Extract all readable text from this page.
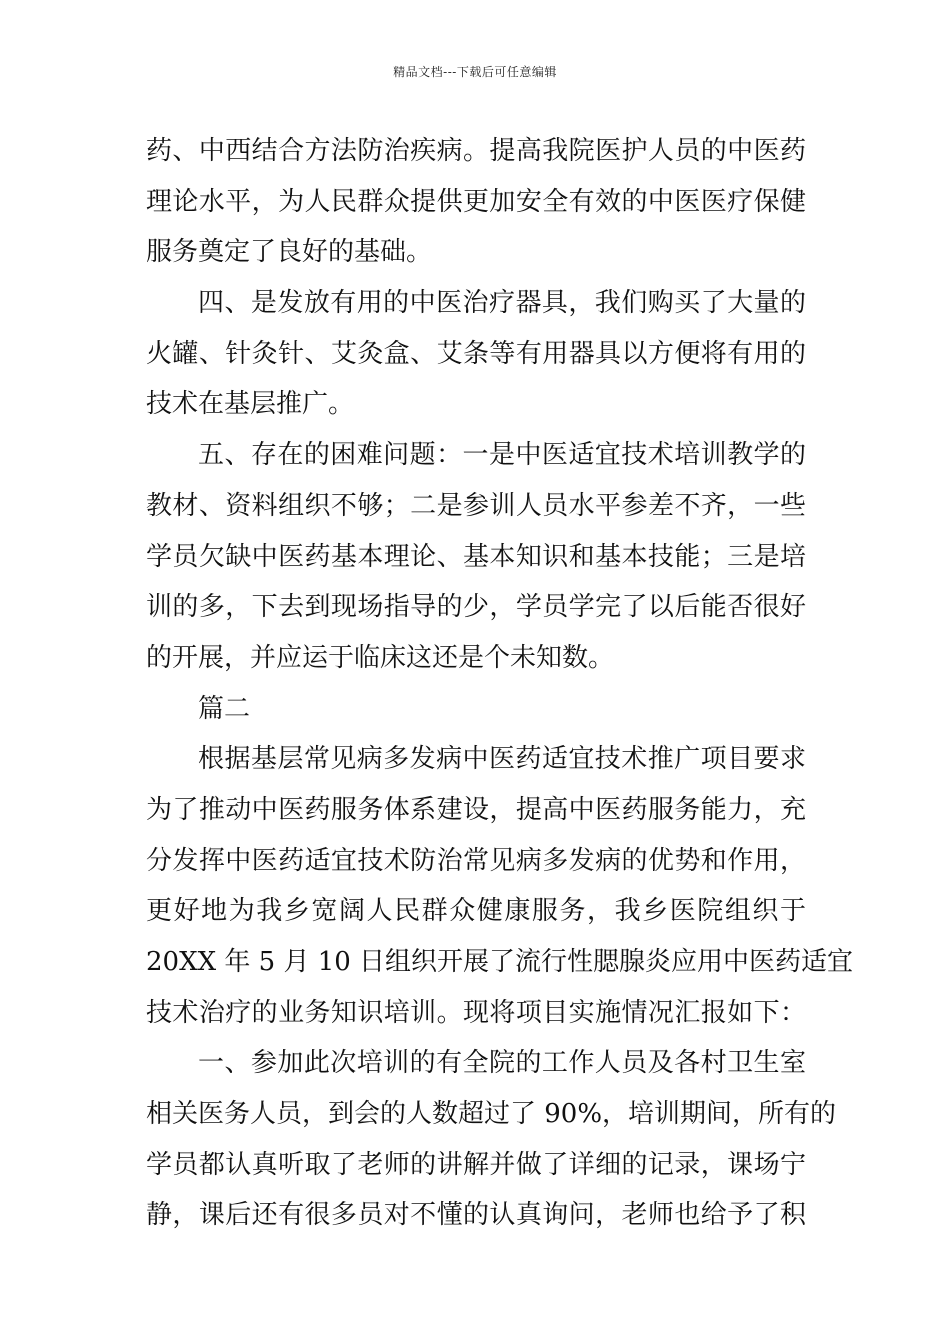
精品文档---下载后可任意编辑
药、中西结合方法防治疾病。提高我院医护人员的中医药
理论水平，为人民群众提供更加安全有效的中医医疗保健
服务奠定了良好的基础。
四、是发放有用的中医治疗器具，我们购买了大量的
火罐、针灸针、艾灸盒、艾条等有用器具以方便将有用的
技术在基层推广。
五、存在的困难问题：一是中医适宜技术培训教学的
教材、资料组织不够；二是参训人员水平参差不齐，一些
学员欠缺中医药基本理论、基本知识和基本技能；三是培
训的多，下去到现场指导的少，学员学完了以后能否很好
的开展，并应运于临床这还是个未知数。
篇二
根据基层常见病多发病中医药适宜技术推广项目要求
为了推动中医药服务体系建设，提高中医药服务能力，充
分发挥中医药适宜技术防治常见病多发病的优势和作用，
更好地为我乡宽阔人民群众健康服务，我乡医院组织于
20XX 年 5 月 10 日组织开展了流行性腮腺炎应用中医药适宜
技术治疗的业务知识培训。现将项目实施情况汇报如下：
一、参加此次培训的有全院的工作人员及各村卫生室
相关医务人员，到会的人数超过了 90%，培训期间，所有的
学员都认真听取了老师的讲解并做了详细的记录，课场宁
静，课后还有很多员对不懂的认真询问，老师也给予了积
